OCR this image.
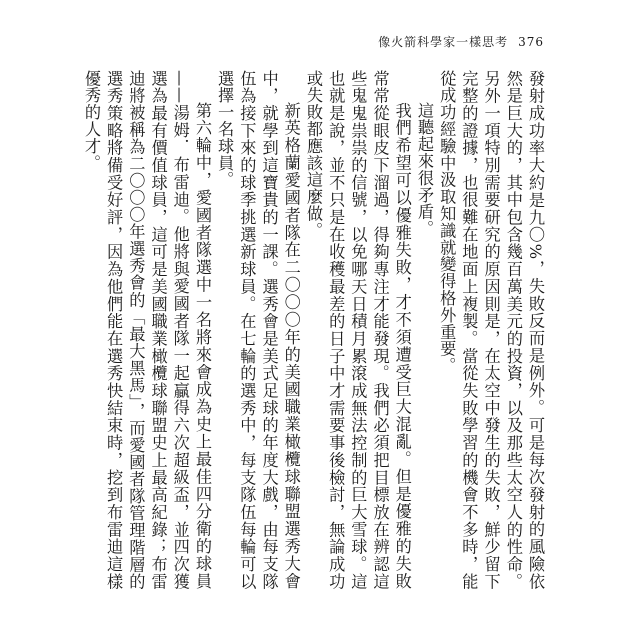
像火箭科學家一樣思考 376

發射成功率大約是九〇%，失敗反而是例外。可是每次發射的風險依然是巨大的，其中包含幾百萬美元的投資，以及那些太空人的性命。另外一項特別需要研究的原因則是，在太空中發生的失敗，鮮少留下完整的證據，也很難在地面上複製。當從失敗學習的機會不多時，能從成功經驗中汲取知識就變得格外重要。

這聽起來很矛盾。

我們希望可以優雅失敗，才不須遭受巨大混亂。但是優雅的失敗常常從眼皮下溜過，得夠專注才能發現。我們必須把目標放在辨認這些鬼鬼祟祟的信號，以免哪天日積月累滾成無法控制的巨大雪球。這也就是說，並不只是在收穫最差的日子中才需要事後檢討，無論成功或失敗都應該這麼做。

新英格蘭愛國者隊在二〇〇〇年的美國職業橄欖球聯盟選秀大會中，就學到這寶貴的一課。選秀會是美式足球的年度大戲，由每支隊伍為接下來的球季挑選新球員。在七輪的選秀中，每支隊伍每輪可以選擇一名球員。

第六輪中，愛國者隊選中一名將來會成為史上最佳四分衛的球員——湯姆．布雷迪。他將與愛國者隊一起贏得六次超級盃，並四次獲選為最有價值球員，這可是美國職業橄欖球聯盟史上最高紀錄；布雷迪將被稱為二〇〇〇年選秀會的「最大黑馬」，而愛國者隊管理階層的選秀策略將備受好評，因為他們能在選秀快結束時，挖到布雷迪這樣優秀的人才。
